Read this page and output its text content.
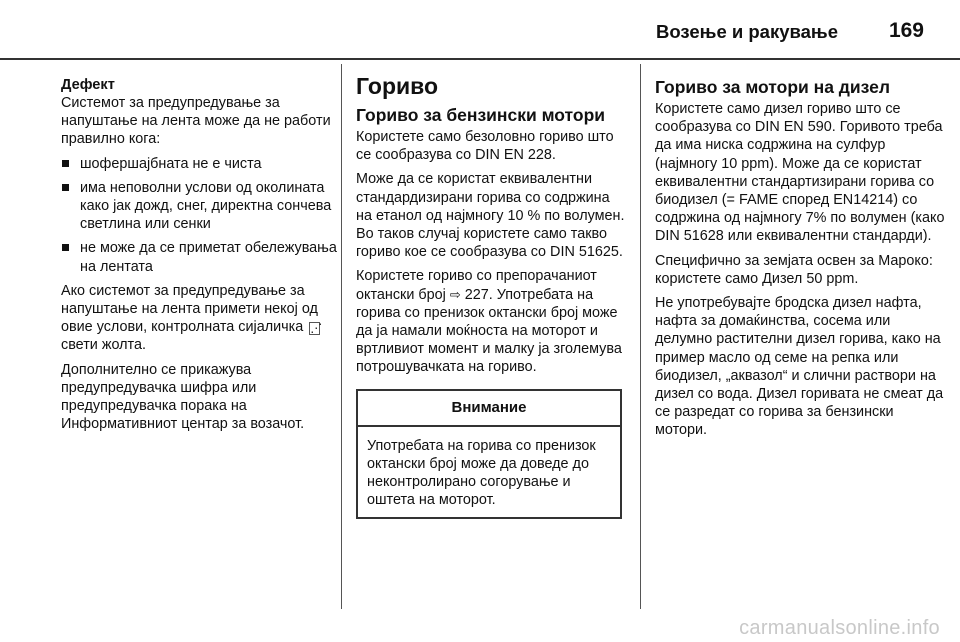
Возење и ракување 169
Дефект

Системот за предупредување за напуштање на лента може да не работи правилно кога:

шофершајбната не е чиста
има неповолни услови од околината како јак дожд, снег, директна сончева светлина или сенки
не може да се приметат обележувања на лентата

Ако системот за предупредување за напуштање на лента примети некој од овие услови, контролната сијаличка ⋰ свети жолта.

Дополнително се прикажува предупредувачка шифра или предупредувачка порака на Информативниот центар за возачот.

Гориво
Гориво за бензински мотори

Користете само безоловно гориво што се сообразува со DIN EN 228.

Може да се користат еквивалентни стандардизирани горива со содржина на етанол од најмногу 10 % по волумен. Во таков случај користете само такво гориво кое се сообразува со DIN 51625.

Користете гориво со препорачаниот октански број ⇨ 227. Употребата на горива со пренизок октански број може да ја намали моќноста на моторот и вртливиот момент и малку ја зголемува потрошувачката на гориво.

Внимание

Употребата на горива со пренизок октански број може да доведе до неконтролирано согорување и оштета на моторот.

Гориво за мотори на дизел

Користете само дизел гориво што се сообразува со DIN EN 590. Горивото треба да има ниска содржина на сулфур (најмногу 10 ppm). Може да се користат еквивалентни стандартизирани горива со биодизел (= FAME според EN14214) со содржина од најмногу 7% по волумен (како DIN 51628 или еквивалентни стандарди).

Специфично за земјата освен за Мароко: користете само Дизел 50 ppm.

Не употребувајте бродска дизел нафта, нафта за домаќинства, сосема или делумно растителни дизел горива, како на пример масло од семе на репка или биодизел, „аквазол“ и слични раствори на дизел со вода. Дизел горивата не смеат да се разредат со горива за бензински мотори.

carmanualsonline.info
